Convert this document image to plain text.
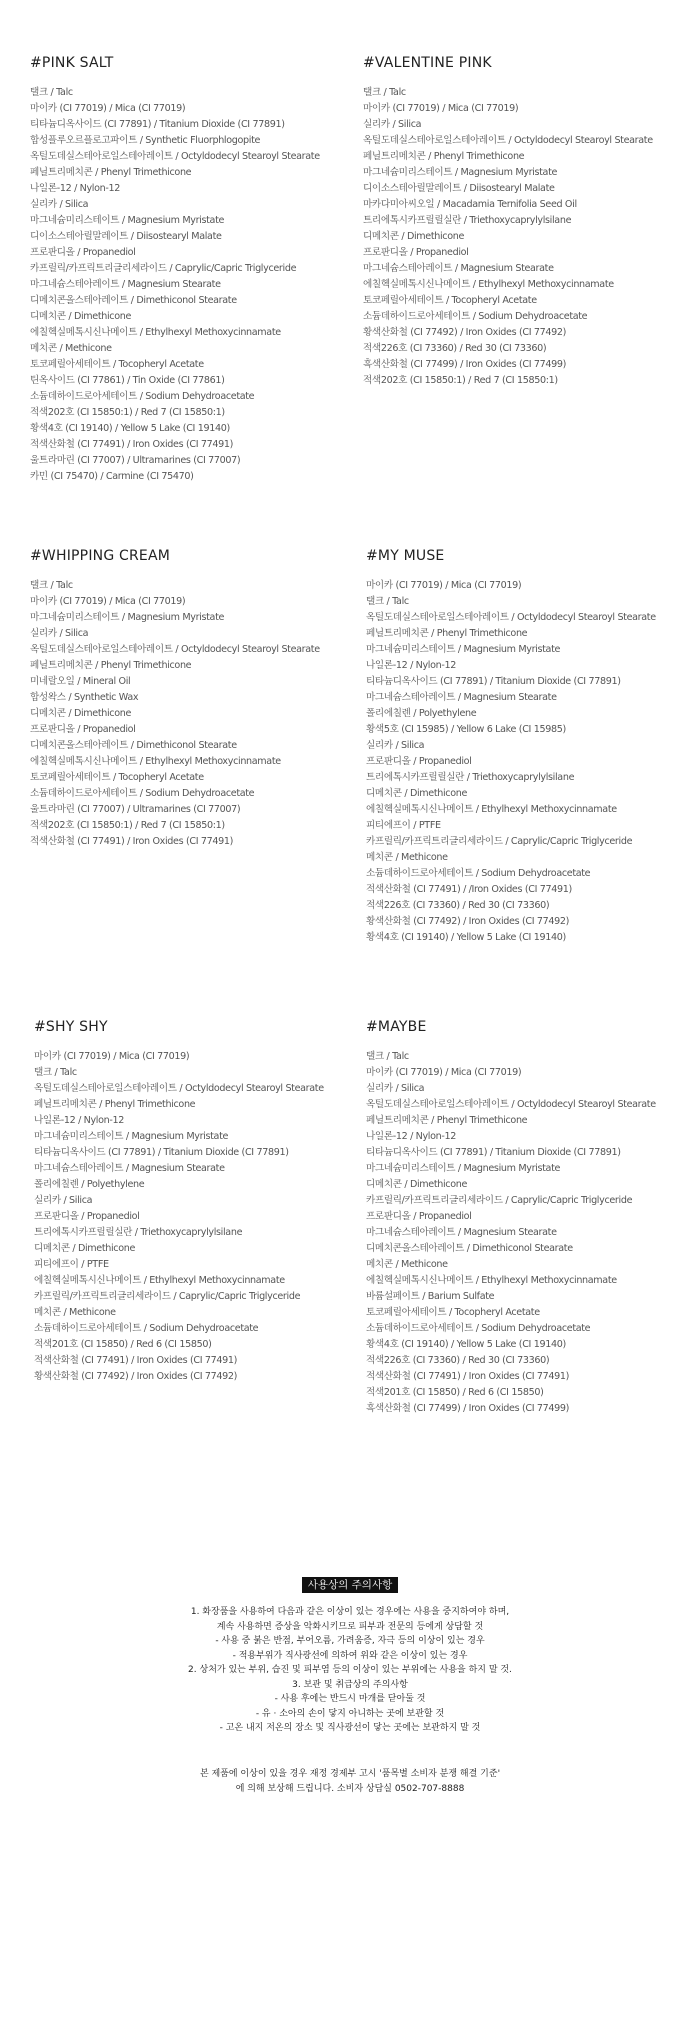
#PINK SALT
탤크 / Talc
마이카 (CI 77019) / Mica (CI 77019)
티타늄디옥사이드 (CI 77891) / Titanium Dioxide (CI 77891)
합성플루오르플로고파이트 / Synthetic Fluorphlogopite
옥틸도데실스테아로일스테아레이트 / Octyldodecyl Stearoyl Stearate
페닐트리메치콘 / Phenyl Trimethicone
나일론-12 / Nylon-12
실리카 / Silica
마그네슘미리스테이트 / Magnesium Myristate
디이소스테아릴말레이트 / Diisostearyl Malate
프로판디올 / Propanediol
카프릴릭/카프릭트리글리세라이드 / Caprylic/Capric Triglyceride
마그네슘스테아레이트 / Magnesium Stearate
디메치콘올스테아레이트 / Dimethiconol Stearate
디메치콘 / Dimethicone
에칠헥실메톡시신나메이트 / Ethylhexyl Methoxycinnamate
메치콘 / Methicone
토코페릴아세테이트 / Tocopheryl Acetate
틴옥사이드 (CI 77861) / Tin Oxide (CI 77861)
소듐데하이드로아세테이트 / Sodium Dehydroacetate
적색202호 (CI 15850:1) / Red 7 (CI 15850:1)
황색4호 (CI 19140) / Yellow 5 Lake (CI 19140)
적색산화철 (CI 77491) / Iron Oxides (CI 77491)
울트라마린 (CI 77007) / Ultramarines (CI 77007)
카민 (CI 75470) / Carmine (CI 75470)
#VALENTINE PINK
탤크 / Talc
마이카 (CI 77019) / Mica (CI 77019)
실리카 / Silica
옥틸도데실스테아로일스테아레이트 / Octyldodecyl Stearoyl Stearate
페닐트리메치콘 / Phenyl Trimethicone
마그네슘미리스테이트 / Magnesium Myristate
디이소스테아릴말레이트 / Diisostearyl Malate
마카다미아씨오일 / Macadamia Ternifolia Seed Oil
트리에톡시카프릴릴실란 / Triethoxycaprylylsilane
디메치콘 / Dimethicone
프로판디올 / Propanediol
마그네슘스테아레이트 / Magnesium Stearate
에칠헥실메톡시신나메이트 / Ethylhexyl Methoxycinnamate
토코페릴아세테이트 / Tocopheryl Acetate
소듐데하이드로아세테이트 / Sodium Dehydroacetate
황색산화철 (CI 77492) / Iron Oxides (CI 77492)
적색226호 (CI 73360) / Red 30 (CI 73360)
흑색산화철 (CI 77499) / Iron Oxides (CI 77499)
적색202호 (CI 15850:1) / Red 7 (CI 15850:1)
#WHIPPING CREAM
탤크 / Talc
마이카 (CI 77019) / Mica (CI 77019)
마그네슘미리스테이트 / Magnesium Myristate
실리카 / Silica
옥틸도데실스테아로일스테아레이트 / Octyldodecyl Stearoyl Stearate
페닐트리메치콘 / Phenyl Trimethicone
미네랄오일 / Mineral Oil
합성왁스 / Synthetic Wax
디메치콘 / Dimethicone
프로판디올 / Propanediol
디메치콘올스테아레이트 / Dimethiconol Stearate
에칠헥실메톡시신나메이트 / Ethylhexyl Methoxycinnamate
토코페릴아세테이트 / Tocopheryl Acetate
소듐데하이드로아세테이트 / Sodium Dehydroacetate
울트라마린 (CI 77007) / Ultramarines (CI 77007)
적색202호 (CI 15850:1) / Red 7 (CI 15850:1)
적색산화철 (CI 77491) / Iron Oxides (CI 77491)
#MY MUSE
마이카 (CI 77019) / Mica (CI 77019)
탤크 / Talc
옥틸도데실스테아로일스테아레이트 / Octyldodecyl Stearoyl Stearate
페닐트리메치콘 / Phenyl Trimethicone
마그네슘미리스테이트 / Magnesium Myristate
나일론-12 / Nylon-12
티타늄디옥사이드 (CI 77891) / Titanium Dioxide (CI 77891)
마그네슘스테아레이트 / Magnesium Stearate
폴리에칠렌 / Polyethylene
황색5호 (CI 15985) / Yellow 6 Lake (CI 15985)
실리카 / Silica
프로판디올 / Propanediol
트리에톡시카프릴릴실란 / Triethoxycaprylylsilane
디메치콘 / Dimethicone
에칠헥실메톡시신나메이트 / Ethylhexyl Methoxycinnamate
피티에프이 / PTFE
카프릴릭/카프릭트리글리세라이드 / Caprylic/Capric Triglyceride
메치콘 / Methicone
소듐데하이드로아세테이트 / Sodium Dehydroacetate
적색산화철 (CI 77491) / /Iron Oxides (CI 77491)
적색226호 (CI 73360) / Red 30 (CI 73360)
황색산화철 (CI 77492) / Iron Oxides (CI 77492)
황색4호 (CI 19140) / Yellow 5 Lake (CI 19140)
#SHY SHY
마이카 (CI 77019) / Mica (CI 77019)
탤크 / Talc
옥틸도데실스테아로일스테아레이트 / Octyldodecyl Stearoyl Stearate
페닐트리메치콘 / Phenyl Trimethicone
나일론-12 / Nylon-12
마그네슘미리스테이트 / Magnesium Myristate
티타늄디옥사이드 (CI 77891) / Titanium Dioxide (CI 77891)
마그네슘스테아레이트 / Magnesium Stearate
폴리에칠렌 / Polyethylene
실리카 / Silica
프로판디올 / Propanediol
트리에톡시카프릴릴실란 / Triethoxycaprylylsilane
디메치콘 / Dimethicone
피티에프이 / PTFE
에칠헥실메톡시신나메이트 / Ethylhexyl Methoxycinnamate
카프릴릭/카프릭트리글리세라이드 / Caprylic/Capric Triglyceride
메치콘 / Methicone
소듐데하이드로아세테이트 / Sodium Dehydroacetate
적색201호 (CI 15850) / Red 6 (CI 15850)
적색산화철 (CI 77491) / Iron Oxides (CI 77491)
황색산화철 (CI 77492) / Iron Oxides (CI 77492)
#MAYBE
탤크 / Talc
마이카 (CI 77019) / Mica (CI 77019)
실리카 / Silica
옥틸도데실스테아로일스테아레이트 / Octyldodecyl Stearoyl Stearate
페닐트리메치콘 / Phenyl Trimethicone
나일론-12 / Nylon-12
티타늄디옥사이드 (CI 77891) / Titanium Dioxide (CI 77891)
마그네슘미리스테이트 / Magnesium Myristate
디메치콘 / Dimethicone
카프릴릭/카프릭트리글리세라이드 / Caprylic/Capric Triglyceride
프로판디올 / Propanediol
마그네슘스테아레이트 / Magnesium Stearate
디메치콘올스테아레이트 / Dimethiconol Stearate
메치콘 / Methicone
에칠헥실메톡시신나메이트 / Ethylhexyl Methoxycinnamate
바륨설페이트 / Barium Sulfate
토코페릴아세테이트 / Tocopheryl Acetate
소듐데하이드로아세테이트 / Sodium Dehydroacetate
황색4호 (CI 19140) / Yellow 5 Lake (CI 19140)
적색226호 (CI 73360) / Red 30 (CI 73360)
적색산화철 (CI 77491) / Iron Oxides (CI 77491)
적색201호 (CI 15850) / Red 6 (CI 15850)
흑색산화철 (CI 77499) / Iron Oxides (CI 77499)
사용상의 주의사항
1. 화장품을 사용하여 다음과 같은 이상이 있는 경우에는 사용을 중지하여야 하며,
계속 사용하면 증상을 악화시키므로 피부과 전문의 등에게 상담할 것
- 사용 중 붉은 반점, 부어오름, 가려움증, 자극 등의 이상이 있는 경우
- 적용부위가 직사광선에 의하여 위와 같은 이상이 있는 경우
2. 상처가 있는 부위, 습진 및 피부염 등의 이상이 있는 부위에는 사용을 하지 말 것.
3. 보관 및 취급상의 주의사항
- 사용 후에는 반드시 마개를 닫아둘 것
- 유 · 소아의 손이 닿지 아니하는 곳에 보관할 것
- 고온 내지 저온의 장소 및 직사광선이 닿는 곳에는 보관하지 말 것
본 제품에 이상이 있을 경우 재정 경제부 고시 '품목별 소비자 분쟁 해결 기준'
에 의해 보상해 드립니다. 소비자 상담실 0502-707-8888
